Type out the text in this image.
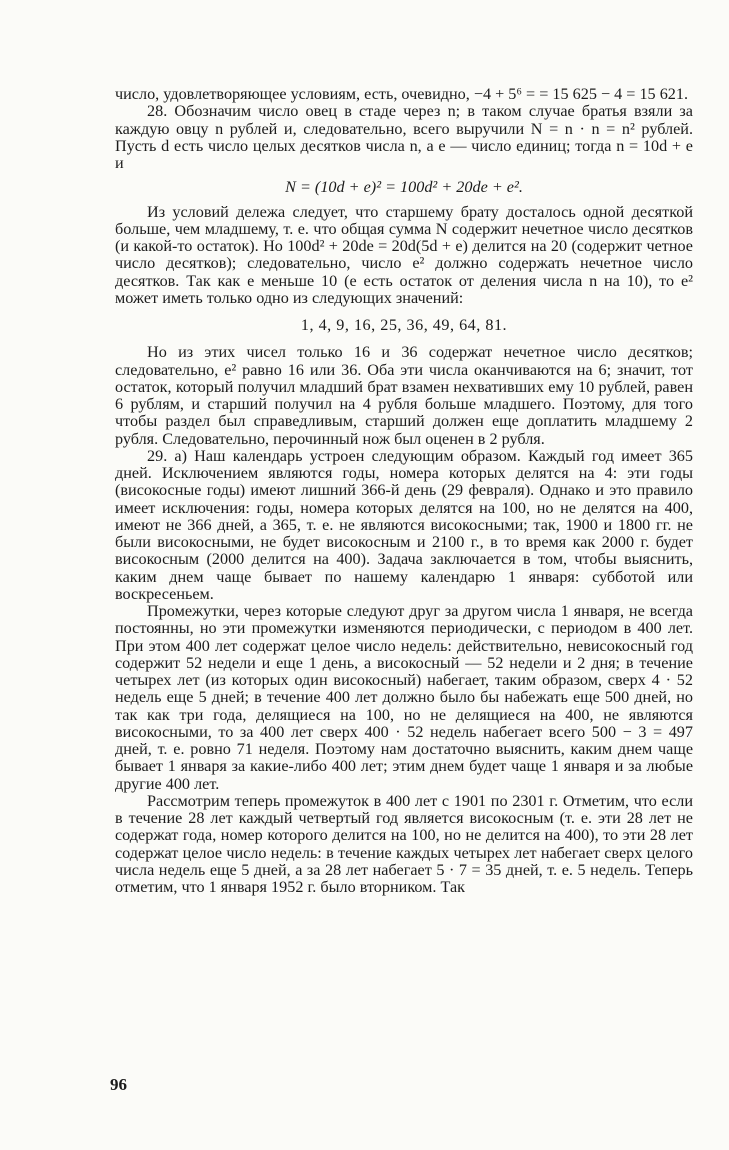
число, удовлетворяющее условиям, есть, очевидно, −4 + 5⁶ = = 15 625 − 4 = 15 621.

28. Обозначим число овец в стаде через n; в таком случае братья взяли за каждую овцу n рублей и, следовательно, всего выручили N = n · n = n² рублей. Пусть d есть число целых десятков числа n, а e — число единиц; тогда n = 10d + e и

N = (10d + e)² = 100d² + 20de + e².

Из условий дележа следует, что старшему брату досталось одной десяткой больше, чем младшему, т. е. что общая сумма N содержит нечетное число десятков (и какой-то остаток). Но 100d² + 20de = 20d(5d + e) делится на 20 (содержит четное число десятков); следовательно, число e² должно содержать нечетное число десятков. Так как e меньше 10 (e есть остаток от деления числа n на 10), то e² может иметь только одно из следующих значений:

1, 4, 9, 16, 25, 36, 49, 64, 81.

Но из этих чисел только 16 и 36 содержат нечетное число десятков; следовательно, e² равно 16 или 36. Оба эти числа оканчиваются на 6; значит, тот остаток, который получил младший брат взамен нехватившиx ему 10 рублей, равен 6 рублям, и старший получил на 4 рубля больше младшего. Поэтому, для того чтобы раздел был справедливым, старший должен еще доплатить младшему 2 рубля. Следовательно, перочинный нож был оценен в 2 рубля.

29. а) Наш календарь устроен следующим образом. Каждый год имеет 365 дней. Исключением являются годы, номера которых делятся на 4: эти годы (високосные годы) имеют лишний 366-й день (29 февраля). Однако и это правило имеет исключения: годы, номера которых делятся на 100, но не делятся на 400, имеют не 366 дней, а 365, т. е. не являются високосными; так, 1900 и 1800 гг. не были високосными, не будет високосным и 2100 г., в то время как 2000 г. будет високосным (2000 делится на 400). Задача заключается в том, чтобы выяснить, каким днем чаще бывает по нашему календарю 1 января: субботой или воскресеньем.

Промежутки, через которые следуют друг за другом числа 1 января, не всегда постоянны, но эти промежутки изменяются периодически, с периодом в 400 лет. При этом 400 лет содержат целое число недель: действительно, невисокосный год содержит 52 недели и еще 1 день, а високосный — 52 недели и 2 дня; в течение четырех лет (из которых один високосный) набегает, таким образом, сверх 4 · 52 недель еще 5 дней; в течение 400 лет должно было бы набежать еще 500 дней, но так как три года, делящиеся на 100, но не делящиеся на 400, не являются високосными, то за 400 лет сверх 400 · 52 недель набегает всего 500 − 3 = 497 дней, т. е. ровно 71 неделя. Поэтому нам достаточно выяснить, каким днем чаще бывает 1 января за какие-либо 400 лет; этим днем будет чаще 1 января и за любые другие 400 лет.

Рассмотрим теперь промежуток в 400 лет с 1901 по 2301 г. Отметим, что если в течение 28 лет каждый четвертый год является високосным (т. е. эти 28 лет не содержат года, номер которого делится на 100, но не делится на 400), то эти 28 лет содержат целое число недель: в течение каждых четырех лет набегает сверх целого числа недель еще 5 дней, а за 28 лет набегает 5 · 7 = 35 дней, т. е. 5 недель. Теперь отметим, что 1 января 1952 г. было вторником. Так

96
